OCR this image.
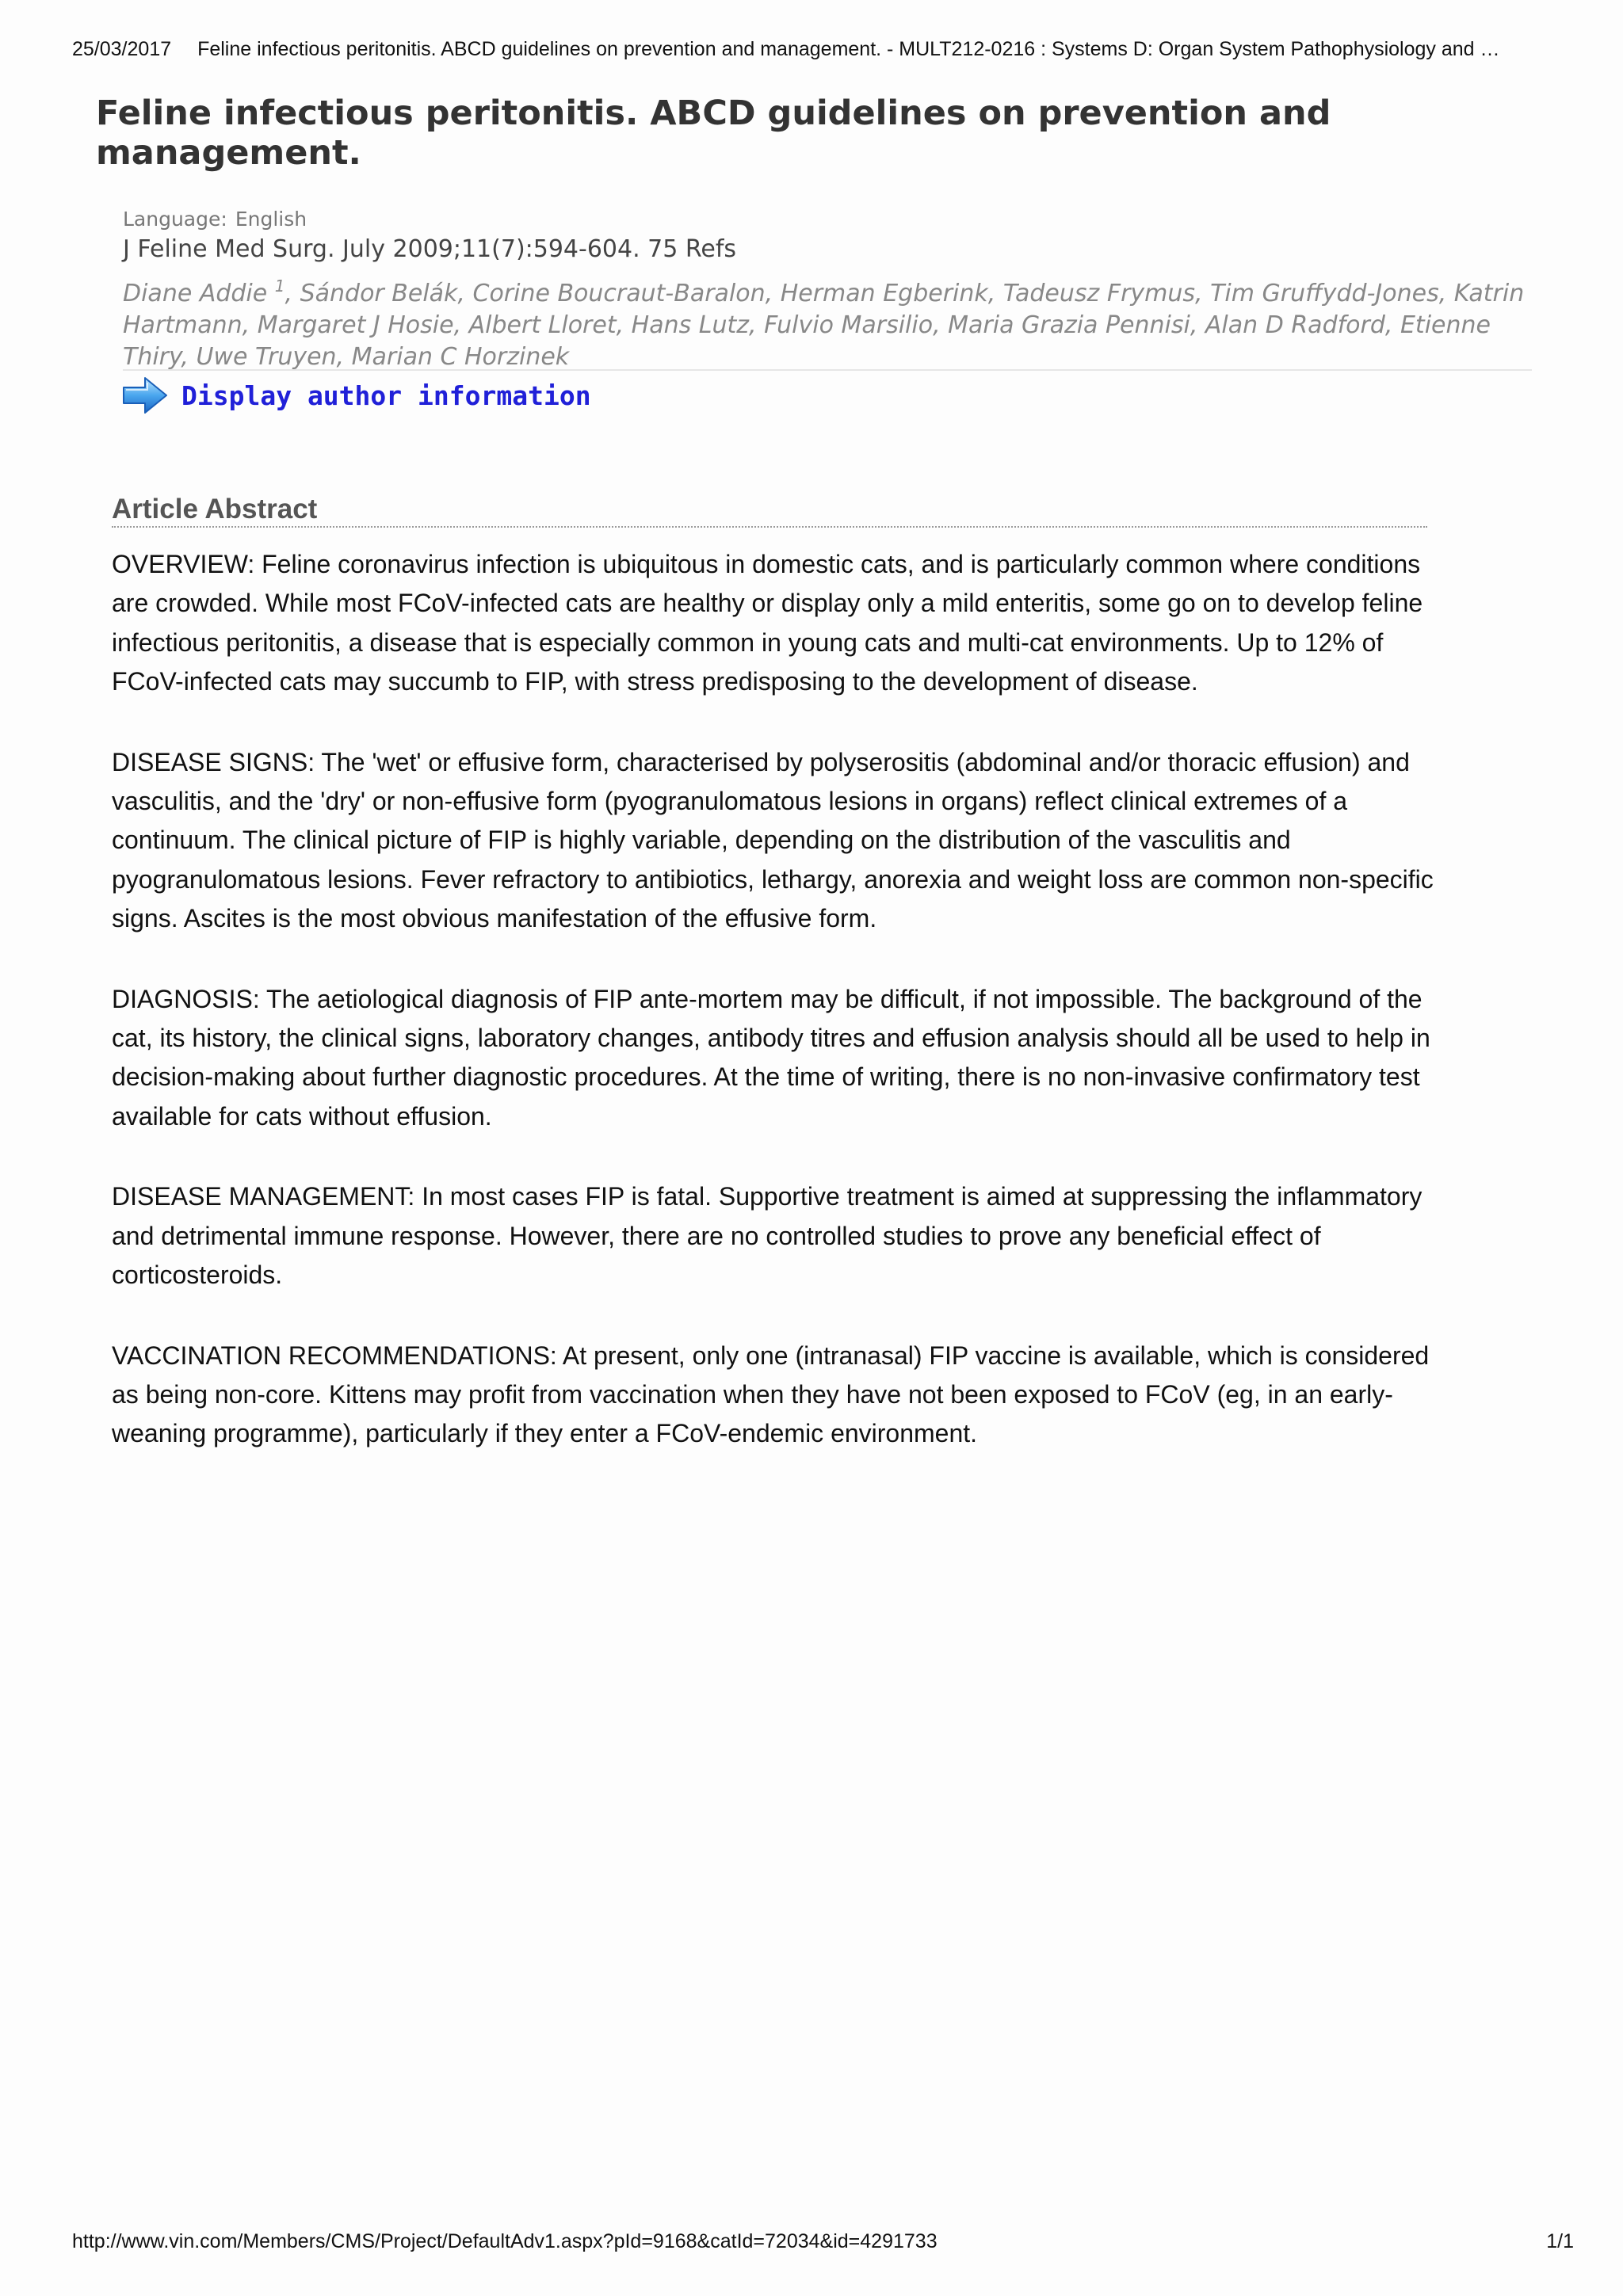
25/03/2017 Feline infectious peritonitis. ABCD guidelines on prevention and management. - MULT212-0216 : Systems D: Organ System Pathophysiology and …
Feline infectious peritonitis. ABCD guidelines on prevention and management.
Language: English
J Feline Med Surg. July 2009;11(7):594-604. 75 Refs
Diane Addie $^1$, Sándor Belák, Corine Boucraut-Baralon, Herman Egberink, Tadeusz Frymus, Tim Gruffydd-Jones, Katrin Hartmann, Margaret J Hosie, Albert Lloret, Hans Lutz, Fulvio Marsilio, Maria Grazia Pennisi, Alan D Radford, Etienne Thiry, Uwe Truyen, Marian C Horzinek
Display author information
Article Abstract

OVERVIEW: Feline coronavirus infection is ubiquitous in domestic cats, and is particularly common where conditions are crowded. While most FCoV-infected cats are healthy or display only a mild enteritis, some go on to develop feline infectious peritonitis, a disease that is especially common in young cats and multi-cat environments. Up to 12% of FCoV-infected cats may succumb to FIP, with stress predisposing to the development of disease.

DISEASE SIGNS: The 'wet' or effusive form, characterised by polyserositis (abdominal and/or thoracic effusion) and vasculitis, and the 'dry' or non-effusive form (pyogranulomatous lesions in organs) reflect clinical extremes of a continuum. The clinical picture of FIP is highly variable, depending on the distribution of the vasculitis and pyogranulomatous lesions. Fever refractory to antibiotics, lethargy, anorexia and weight loss are common non-specific signs. Ascites is the most obvious manifestation of the effusive form.

DIAGNOSIS: The aetiological diagnosis of FIP ante-mortem may be difficult, if not impossible. The background of the cat, its history, the clinical signs, laboratory changes, antibody titres and effusion analysis should all be used to help in decision-making about further diagnostic procedures. At the time of writing, there is no non-invasive confirmatory test available for cats without effusion.

DISEASE MANAGEMENT: In most cases FIP is fatal. Supportive treatment is aimed at suppressing the inflammatory and detrimental immune response. However, there are no controlled studies to prove any beneficial effect of corticosteroids.

VACCINATION RECOMMENDATIONS: At present, only one (intranasal) FIP vaccine is available, which is considered as being non-core. Kittens may profit from vaccination when they have not been exposed to FCoV (eg, in an early-weaning programme), particularly if they enter a FCoV-endemic environment.

http://www.vin.com/Members/CMS/Project/DefaultAdv1.aspx?pId=9168&catId=72034&id=4291733	1/1
